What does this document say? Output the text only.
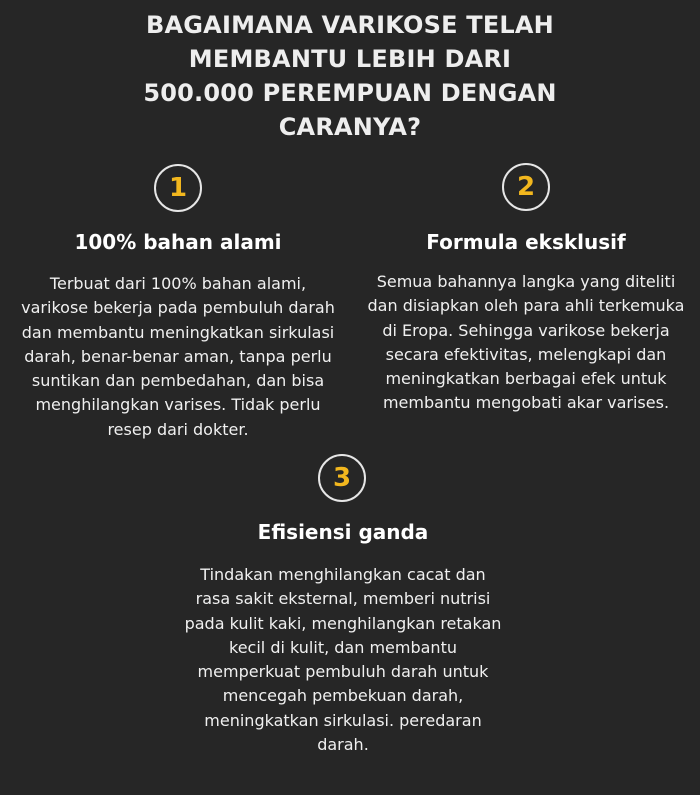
BAGAIMANA VARIKOSE TELAH
MEMBANTU LEBIH DARI
500.000 PEREMPUAN DENGAN
CARANYA?
1
100% bahan alami

Terbuat dari 100% bahan alami,
varikose bekerja pada pembuluh darah
dan membantu meningkatkan sirkulasi
darah, benar-benar aman, tanpa perlu
suntikan dan pembedahan, dan bisa
menghilangkan varises. Tidak perlu
resep dari dokter.

2
Formula eksklusif

Semua bahannya langka yang diteliti
dan disiapkan oleh para ahli terkemuka
di Eropa. Sehingga varikose bekerja
secara efektivitas, melengkapi dan
meningkatkan berbagai efek untuk
membantu mengobati akar varises.

3
Efisiensi ganda

Tindakan menghilangkan cacat dan
rasa sakit eksternal, memberi nutrisi
pada kulit kaki, menghilangkan retakan
kecil di kulit, dan membantu
memperkuat pembuluh darah untuk
mencegah pembekuan darah,
meningkatkan sirkulasi. peredaran
darah.
